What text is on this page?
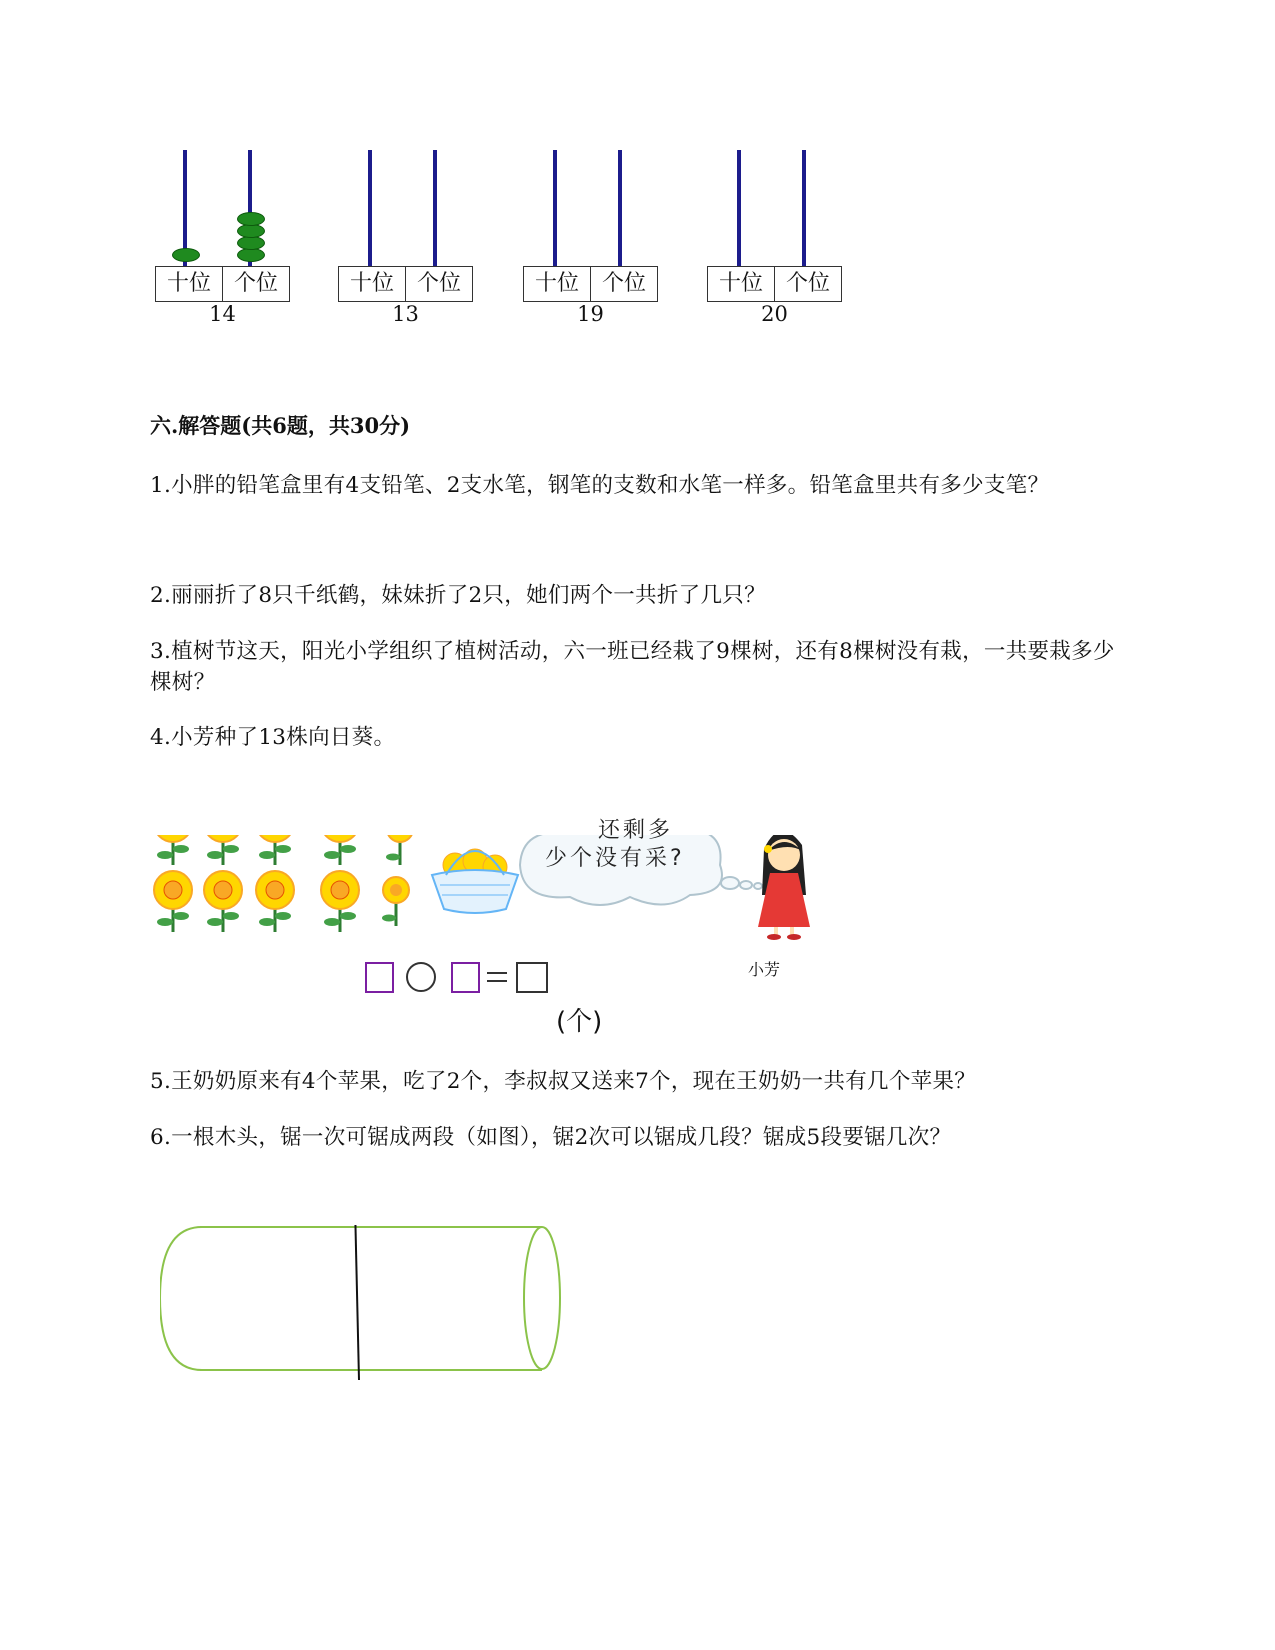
十位	个位
14
十位	个位
13
十位	个位
19
十位	个位
20
六.解答题(共6题，共30分)
1.小胖的铅笔盒里有4支铅笔、2支水笔，钢笔的支数和水笔一样多。铅笔盒里共有多少支笔？
2.丽丽折了8只千纸鹤，妹妹折了2只，她们两个一共折了几只？
3.植树节这天，阳光小学组织了植树活动，六一班已经栽了9棵树，还有8棵树没有栽，一共要栽多少棵树？
4.小芳种了13株向日葵。
还剩多
少个没有采?
小芳
(个)
5.王奶奶原来有4个苹果，吃了2个，李叔叔又送来7个，现在王奶奶一共有几个苹果？
6.一根木头，锯一次可锯成两段（如图），锯2次可以锯成几段？锯成5段要锯几次？
